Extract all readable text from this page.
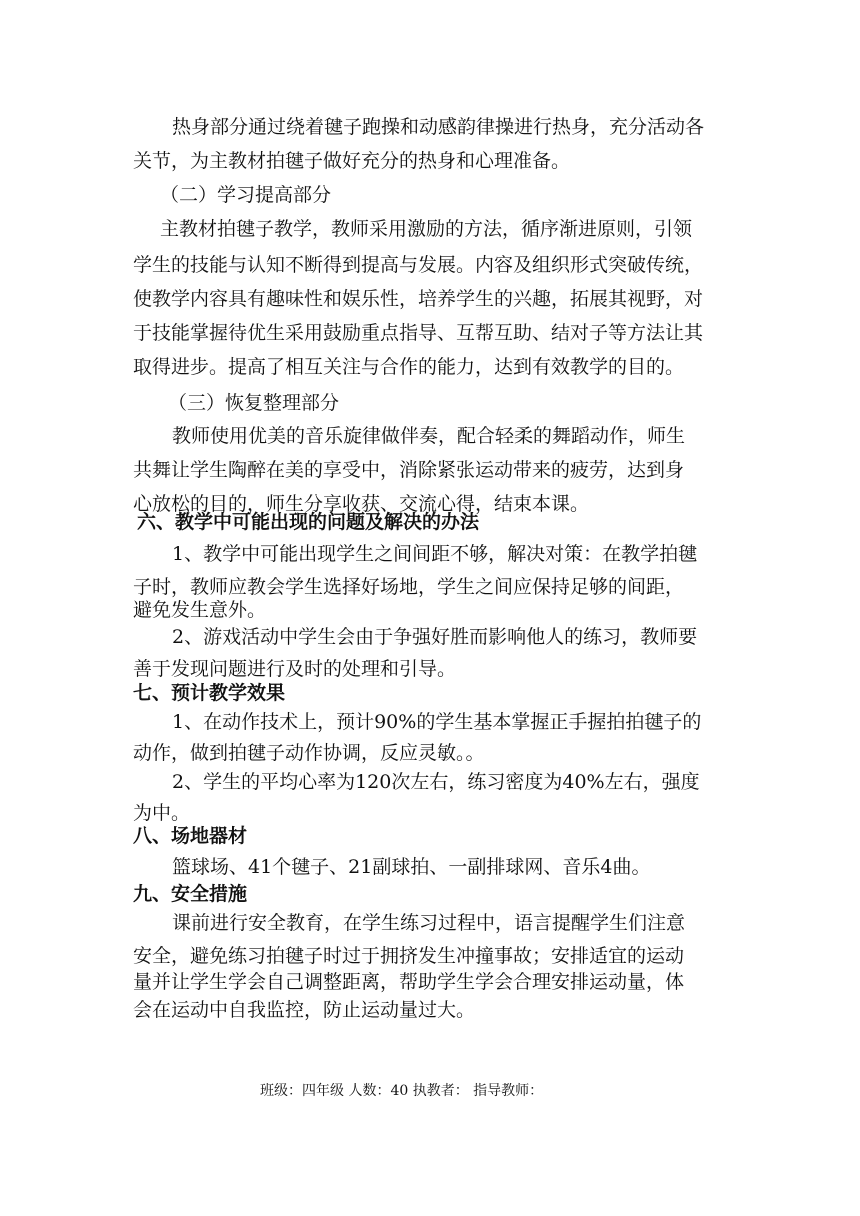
热身部分通过绕着毽子跑操和动感韵律操进行热身，充分活动各
关节，为主教材拍毽子做好充分的热身和心理准备。
（二）学习提高部分
主教材拍毽子教学，教师采用激励的方法，循序渐进原则，引领
学生的技能与认知不断得到提高与发展。内容及组织形式突破传统，
使教学内容具有趣味性和娱乐性，培养学生的兴趣，拓展其视野，对
于技能掌握待优生采用鼓励重点指导、互帮互助、结对子等方法让其
取得进步。提高了相互关注与合作的能力，达到有效教学的目的。
（三）恢复整理部分
教师使用优美的音乐旋律做伴奏，配合轻柔的舞蹈动作，师生
共舞让学生陶醉在美的享受中，消除紧张运动带来的疲劳，达到身
心放松的目的，师生分享收获、交流心得，结束本课。
六、教学中可能出现的问题及解决的办法
1、教学中可能出现学生之间间距不够，解决对策：在教学拍毽
子时，教师应教会学生选择好场地，学生之间应保持足够的间距，
避免发生意外。
2、游戏活动中学生会由于争强好胜而影响他人的练习，教师要
善于发现问题进行及时的处理和引导。
七、预计教学效果
1、在动作技术上，预计90%的学生基本掌握正手握拍拍毽子的
动作，做到拍毽子动作协调，反应灵敏。。
2、学生的平均心率为120次左右，练习密度为40%左右，强度
为中。
八、场地器材
篮球场、41个毽子、21副球拍、一副排球网、音乐4曲。
九、安全措施
课前进行安全教育，在学生练习过程中，语言提醒学生们注意
安全，避免练习拍毽子时过于拥挤发生冲撞事故；安排适宜的运动
量并让学生学会自己调整距离，帮助学生学会合理安排运动量，体
会在运动中自我监控，防止运动量过大。
班级：四年级 人数：40 执教者： 指导教师：
